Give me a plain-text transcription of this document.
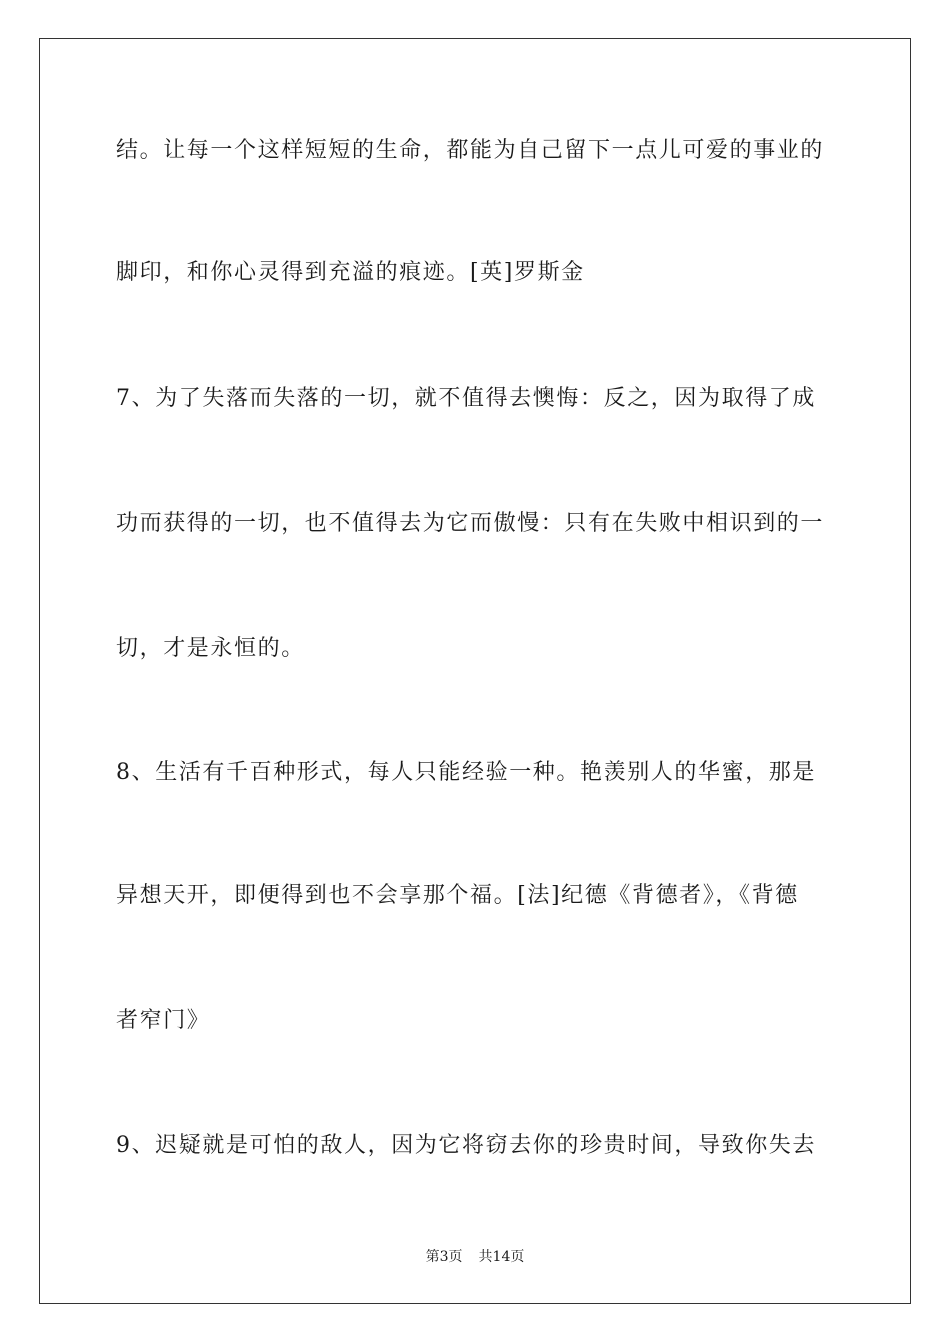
结。让每一个这样短短的生命，都能为自己留下一点儿可爱的事业的
脚印，和你心灵得到充溢的痕迹。[英]罗斯金
7、为了失落而失落的一切，就不值得去懊悔：反之，因为取得了成
功而获得的一切，也不值得去为它而傲慢：只有在失败中相识到的一
切，才是永恒的。
8、生活有千百种形式，每人只能经验一种。艳羡别人的华蜜，那是
异想天开，即便得到也不会享那个福。[法]纪德《背德者》，《背德
者窄门》
9、迟疑就是可怕的敌人，因为它将窃去你的珍贵时间，导致你失去
第3页 共14页
